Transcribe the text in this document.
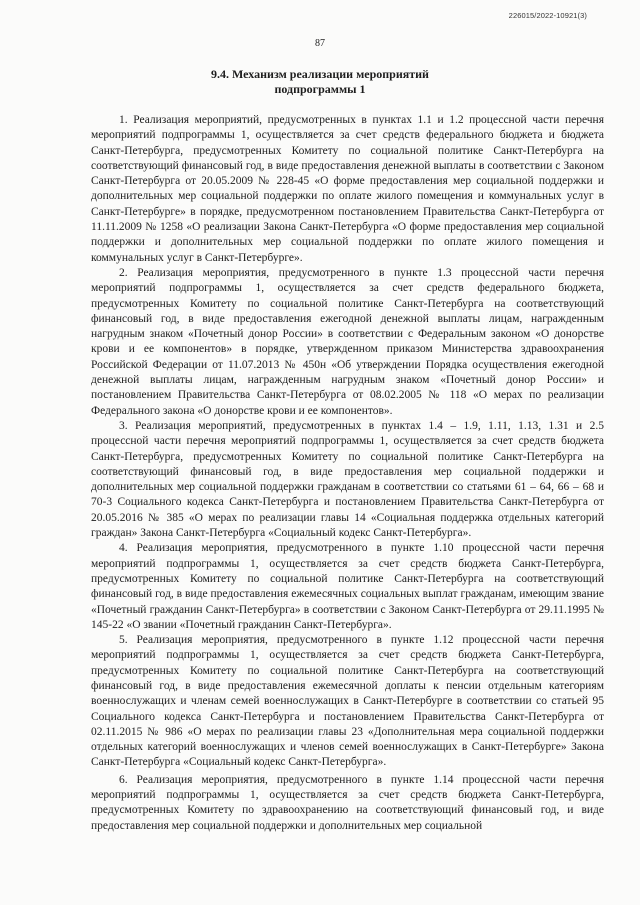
226015/2022-10921(3)
87
9.4. Механизм реализации мероприятий
подпрограммы 1

1. Реализация мероприятий, предусмотренных в пунктах 1.1 и 1.2 процессной части перечня мероприятий подпрограммы 1, осуществляется за счет средств федерального бюджета и бюджета Санкт-Петербурга, предусмотренных Комитету по социальной политике Санкт-Петербурга на соответствующий финансовый год, в виде предоставления денежной выплаты в соответствии с Законом Санкт-Петербурга от 20.05.2009 № 228-45 «О форме предоставления мер социальной поддержки и дополнительных мер социальной поддержки по оплате жилого помещения и коммунальных услуг в Санкт-Петербурге» в порядке, предусмотренном постановлением Правительства Санкт-Петербурга от 11.11.2009 № 1258 «О реализации Закона Санкт-Петербурга «О форме предоставления мер социальной поддержки и дополнительных мер социальной поддержки по оплате жилого помещения и коммунальных услуг в Санкт-Петербурге».

2. Реализация мероприятия, предусмотренного в пункте 1.3 процессной части перечня мероприятий подпрограммы 1, осуществляется за счет средств федерального бюджета, предусмотренных Комитету по социальной политике Санкт-Петербурга на соответствующий финансовый год, в виде предоставления ежегодной денежной выплаты лицам, награжденным нагрудным знаком «Почетный донор России» в соответствии с Федеральным законом «О донорстве крови и ее компонентов» в порядке, утвержденном приказом Министерства здравоохранения Российской Федерации от 11.07.2013 № 450н «Об утверждении Порядка осуществления ежегодной денежной выплаты лицам, награжденным нагрудным знаком «Почетный донор России» и постановлением Правительства Санкт-Петербурга от 08.02.2005 № 118 «О мерах по реализации Федерального закона «О донорстве крови и ее компонентов».

3. Реализация мероприятий, предусмотренных в пунктах 1.4 – 1.9, 1.11, 1.13, 1.31 и 2.5 процессной части перечня мероприятий подпрограммы 1, осуществляется за счет средств бюджета Санкт-Петербурга, предусмотренных Комитету по социальной политике Санкт-Петербурга на соответствующий финансовый год, в виде предоставления мер социальной поддержки и дополнительных мер социальной поддержки гражданам в соответствии со статьями 61 – 64, 66 – 68 и 70-3 Социального кодекса Санкт-Петербурга и постановлением Правительства Санкт-Петербурга от 20.05.2016 № 385 «О мерах по реализации главы 14 «Социальная поддержка отдельных категорий граждан» Закона Санкт-Петербурга «Социальный кодекс Санкт-Петербурга».

4. Реализация мероприятия, предусмотренного в пункте 1.10 процессной части перечня мероприятий подпрограммы 1, осуществляется за счет средств бюджета Санкт-Петербурга, предусмотренных Комитету по социальной политике Санкт-Петербурга на соответствующий финансовый год, в виде предоставления ежемесячных социальных выплат гражданам, имеющим звание «Почетный гражданин Санкт-Петербурга» в соответствии с Законом Санкт-Петербурга от 29.11.1995 № 145-22 «О звании «Почетный гражданин Санкт-Петербурга».

5. Реализация мероприятия, предусмотренного в пункте 1.12 процессной части перечня мероприятий подпрограммы 1, осуществляется за счет средств бюджета Санкт-Петербурга, предусмотренных Комитету по социальной политике Санкт-Петербурга на соответствующий финансовый год, в виде предоставления ежемесячной доплаты к пенсии отдельным категориям военнослужащих и членам семей военнослужащих в Санкт-Петербурге в соответствии со статьей 95 Социального кодекса Санкт-Петербурга и постановлением Правительства Санкт-Петербурга от 02.11.2015 № 986 «О мерах по реализации главы 23 «Дополнительная мера социальной поддержки отдельных категорий военнослужащих и членов семей военнослужащих в Санкт-Петербурге» Закона Санкт-Петербурга «Социальный кодекс Санкт-Петербурга».

6. Реализация мероприятия, предусмотренного в пункте 1.14 процессной части перечня мероприятий подпрограммы 1, осуществляется за счет средств бюджета Санкт-Петербурга, предусмотренных Комитету по здравоохранению на соответствующий финансовый год, и виде предоставления мер социальной поддержки и дополнительных мер социальной
